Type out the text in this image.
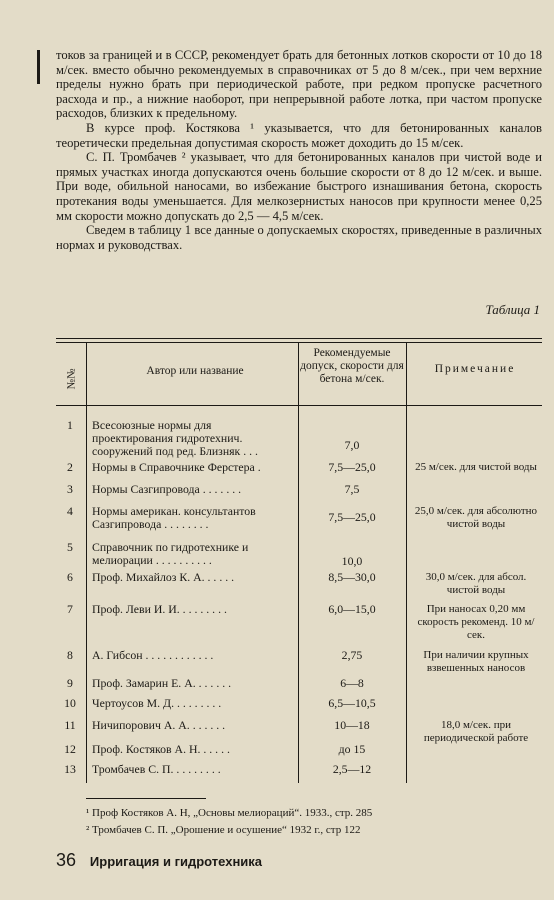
токов за границей и в СССР, рекомендует брать для бетонных лотков скорости от 10 до 18 м/сек. вместо обычно рекомендуемых в справочниках от 5 до 8 м/сек., при чем верхние пределы нужно брать при периодической работе, при редком пропуске расчетного расхода и пр., а нижние наоборот, при непрерывной работе лотка, при частом пропуске расходов, близких к предельному.

В курсе проф. Костякова ¹ указывается, что для бетонированных каналов теоретически предельная допустимая скорость может доходить до 15 м/сек.

С. П. Тромбачев ² указывает, что для бетонированных каналов при чистой воде и прямых участках иногда допускаются очень большие скорости от 8 до 12 м/сек. и выше. При воде, обильной наносами, во избежание быстрого изнашивания бетона, скорость протекания воды уменьшается. Для мелкозернистых наносов при крупности менее 0,25 мм скорости можно допускать до 2,5 — 4,5 м/сек.

Сведем в таблицу 1 все данные о допускаемых скоростях, приведенные в различных нормах и руководствах.

Таблица 1
№№	Автор или название
Рекомендуемые допуск, скорости для бетона м/сек.
Примечание
1	Всесоюзные нормы для проектирования гидротехнич. сооружений под ред. Близняк . . .	7,0
2	Нормы в Справочнике Ферстера .	7,5—25,0	25 м/сек. для чистой воды
3	Нормы Сазгипровода . . . . . . .	7,5
4	Нормы америкaн. консультантов Сазгипровода . . . . . . . .	7,5—25,0	25,0 м/сек. для абсолютно чистой воды
5	Справочник по гидротехнике и мелиорации . . . . . . . . . .	10,0
6	Проф. Михайлоз К. А. . . . . .	8,5—30,0	30,0 м/сек. для абсол. чистой воды
7	Проф. Леви И. И. . . . . . . . .	6,0—15,0	При наносах 0,20 мм скорость рекоменд. 10 м/сек.
8	А. Гибсон . . . . . . . . . . . .	2,75	При наличии крупных взвешенных наносов
9	Проф. Замарин Е. А. . . . . . .	6—8
10	Чертоусов М. Д. . . . . . . . .	6,5—10,5
11	Ничипорович А. А. . . . . . .	10—18	18,0 м/сек. при периодической работе
12	Проф. Костяков А. Н. . . . . .	до 15
13	Тромбачев С. П. . . . . . . . .	2,5—12
¹ Проф Костяков А. Н, „Основы мелиораций“. 1933., стр. 285
² Тромбачев С. П. „Орошение и осушение“ 1932 г., стр 122
36 Ирригация и гидротехника
